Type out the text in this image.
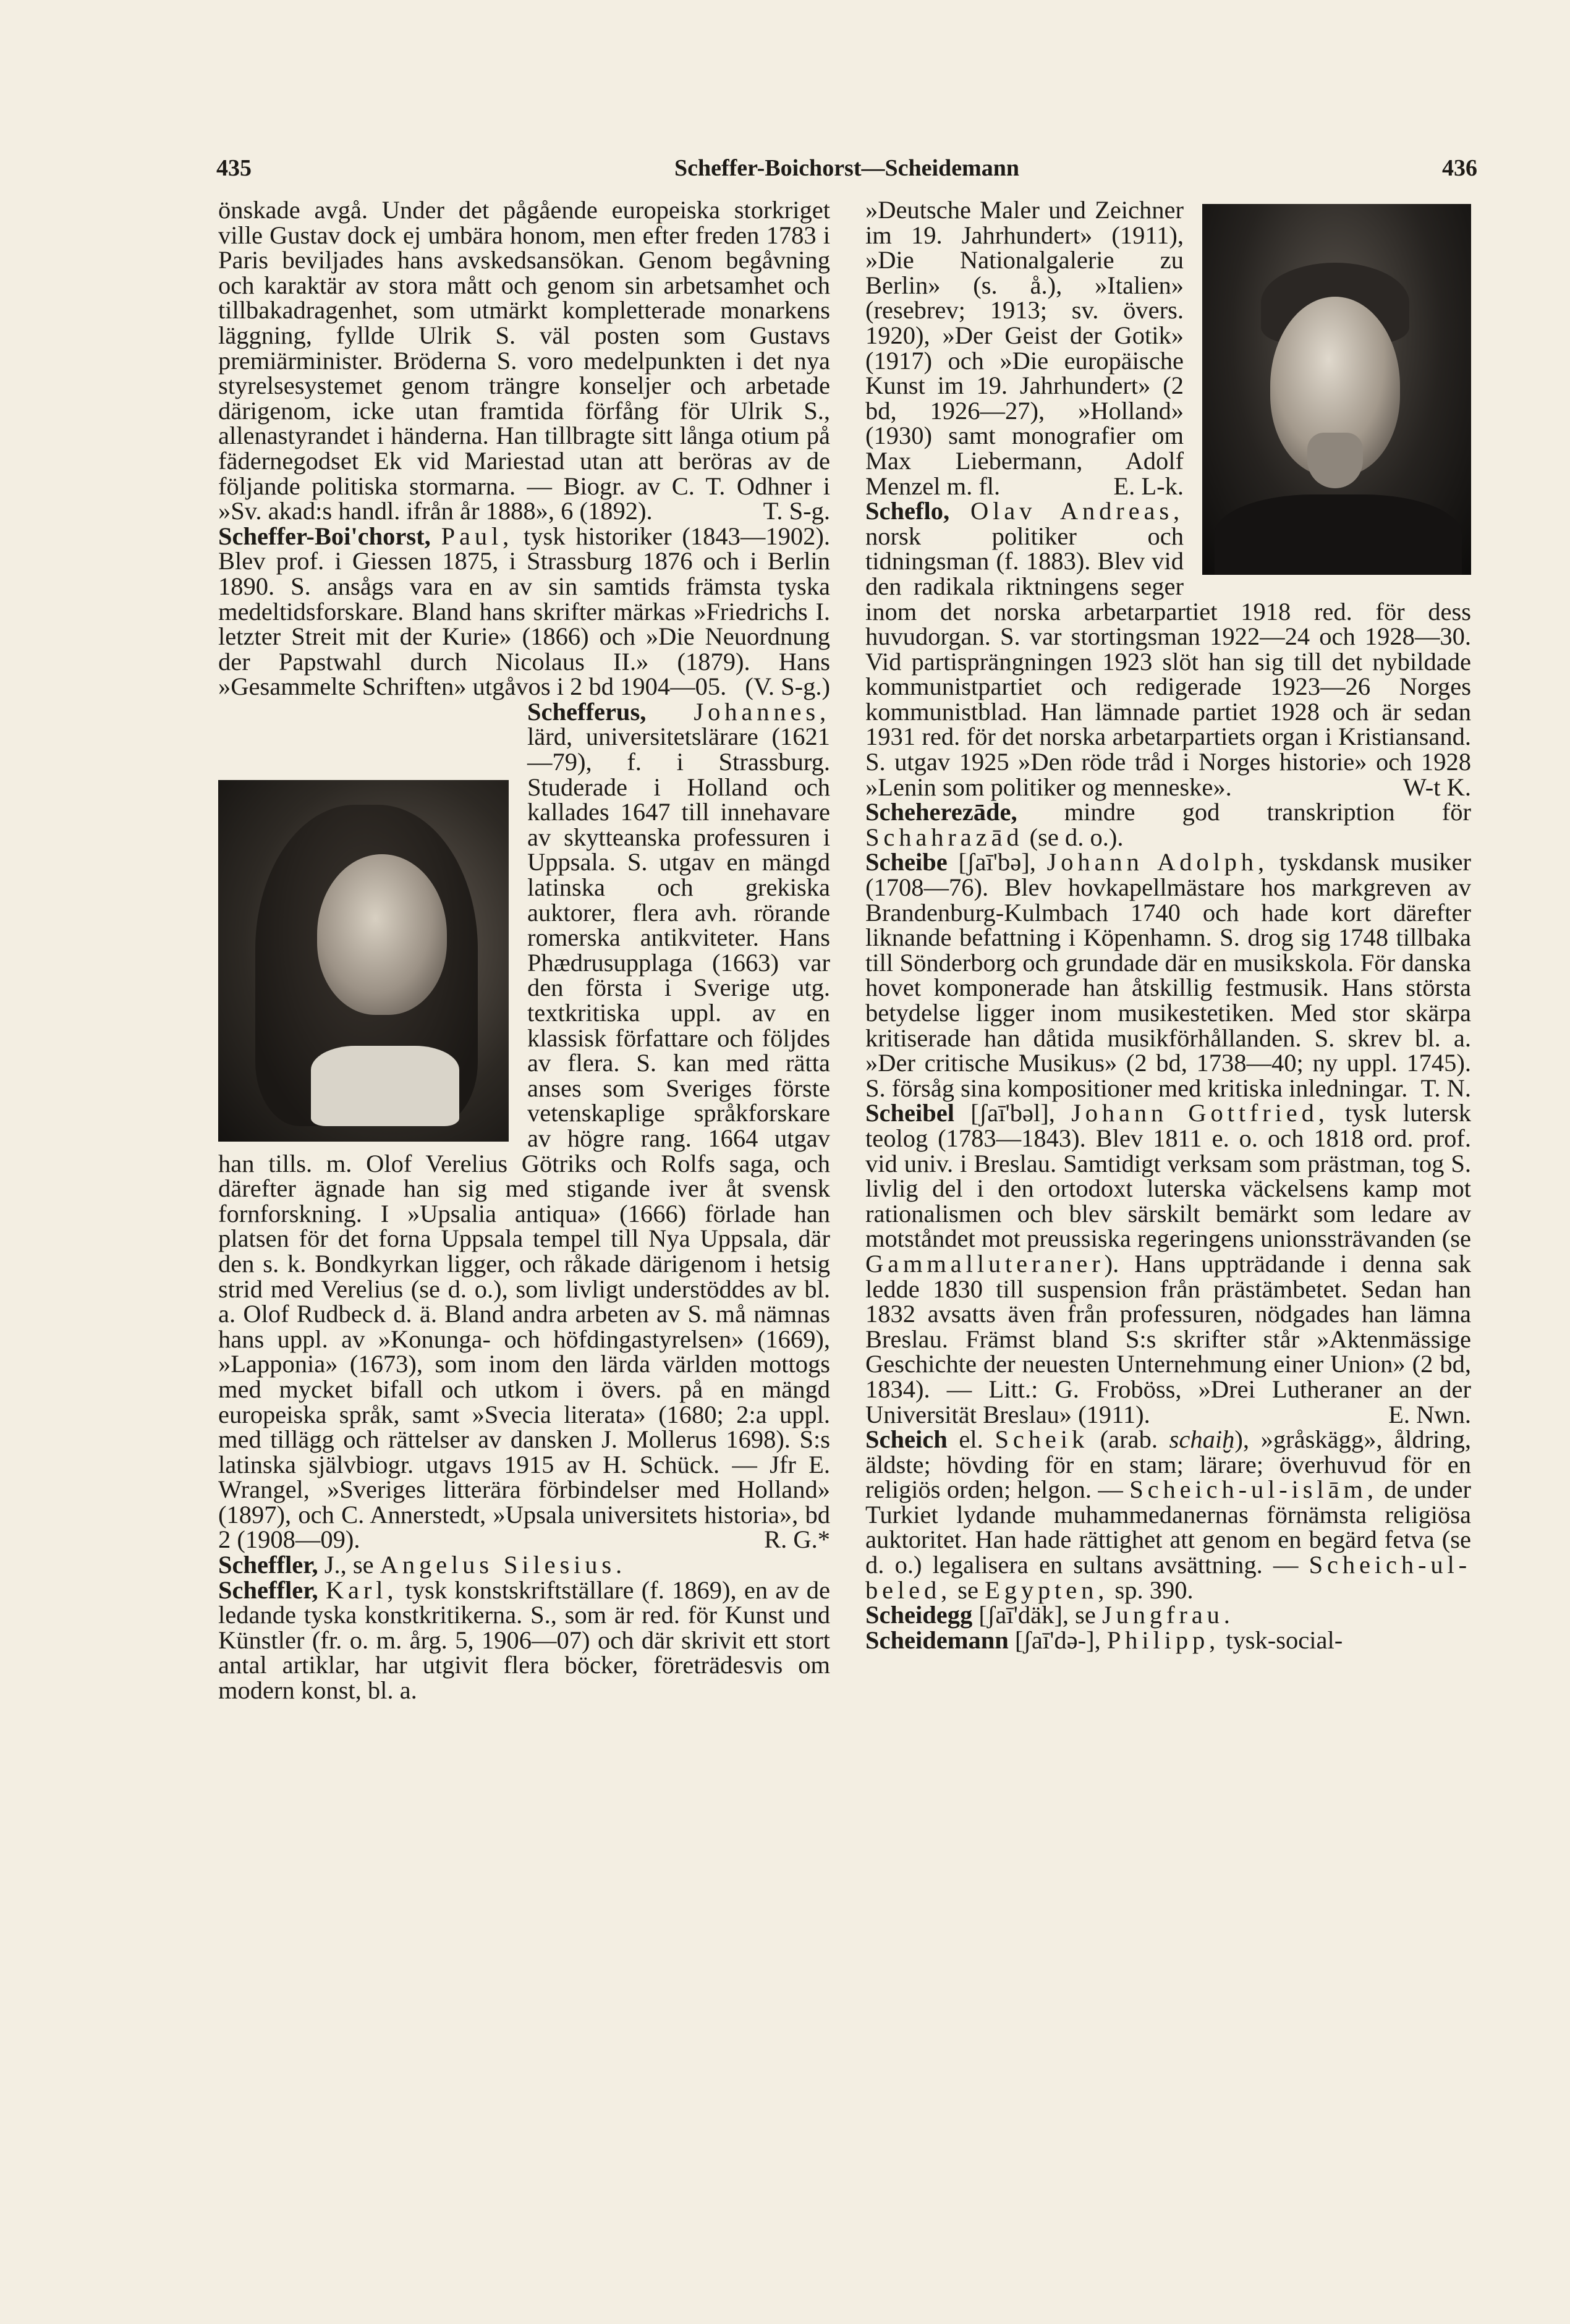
435	Scheffer-Boichorst—Scheidemann	436

önskade avgå. Under det pågående europeiska storkriget ville Gustav dock ej umbära honom, men efter freden 1783 i Paris beviljades hans avskedsansökan. Genom begåvning och karaktär av stora mått och genom sin arbetsamhet och tillbakadragenhet, som utmärkt kompletterade monarkens läggning, fyllde Ulrik S. väl posten som Gustavs premiärminister. Bröderna S. voro medelpunkten i det nya styrelsesystemet genom trängre konseljer och arbetade därigenom, icke utan framtida förfång för Ulrik S., allenastyrandet i händerna. Han tillbragte sitt långa otium på fädernegodset Ek vid Mariestad utan att beröras av de följande politiska stormarna. — Biogr. av C. T. Odhner i »Sv. akad:s handl. ifrån år 1888», 6 (1892).	T. S-g.

Scheffer-Boi'chorst, Paul, tysk historiker (1843—1902). Blev prof. i Giessen 1875, i Strassburg 1876 och i Berlin 1890. S. ansågs vara en av sin samtids främsta tyska medeltidsforskare. Bland hans skrifter märkas »Friedrichs I. letzter Streit mit der Kurie» (1866) och »Die Neuordnung der Papstwahl durch Nicolaus II.» (1879). Hans »Gesammelte Schriften» utgåvos i 2 bd 1904—05. (V. S-g.)

Schefferus, Johannes,
lärd, universitetslärare (1621—79), f. i Strassburg. Studerade i Holland och kallades 1647 till innehavare av skytteanska professuren i Uppsala. S. utgav en mängd latinska och grekiska auktorer, flera avh. rörande romerska antikviteter. Hans Phædrusupplaga (1663) var den första i Sverige utg. textkritiska uppl. av en klassisk författare och följdes av flera. S. kan med rätta anses som Sveriges förste vetenskaplige språkforskare av högre rang. 1664 utgav han tills. m. Olof Verelius Götriks och Rolfs saga, och därefter ägnade han sig med stigande iver åt svensk fornforskning. I »Upsalia antiqua» (1666) förlade han platsen för det forna Uppsala tempel till Nya Uppsala, där den s. k. Bondkyrkan ligger, och råkade därigenom i hetsig strid med Verelius (se d. o.), som livligt understöddes av bl. a. Olof Rudbeck d. ä. Bland andra arbeten av S. må nämnas hans uppl. av »Konunga- och höfdingastyrelsen» (1669), »Lapponia» (1673), som inom den lärda världen mottogs med mycket bifall och utkom i övers. på en mängd europeiska språk, samt »Svecia literata» (1680; 2:a uppl. med tillägg och rättelser av dansken J. Mollerus 1698). S:s latinska självbiogr. utgavs 1915 av H. Schück. — Jfr E. Wrangel, »Sveriges litterära förbindelser med Holland» (1897), och C. Annerstedt, »Upsala universitets historia», bd 2 (1908—09).	R. G.*

Scheffler, J., se Angelus Silesius.

Scheffler, Karl, tysk konstskriftställare (f. 1869), en av de ledande tyska konstkritikerna. S., som är red. för Kunst und Künstler (fr. o. m. årg. 5, 1906—07) och där skrivit ett stort antal artiklar, har utgivit flera böcker, företrädesvis om modern konst, bl. a.

»Deutsche Maler und Zeichner im 19. Jahrhundert» (1911), »Die Nationalgalerie zu Berlin» (s. å.), »Italien» (resebrev; 1913; sv. övers. 1920), »Der Geist der Gotik» (1917) och »Die europäische Kunst im 19. Jahrhundert» (2 bd, 1926—27), »Holland» (1930) samt monografier om Max Liebermann, Adolf Menzel m. fl.	E. L-k.

Scheflo, Olav Andreas, norsk politiker och tidningsman (f. 1883). Blev vid den radikala riktningens seger inom det norska arbetarpartiet 1918 red. för dess huvudorgan. S. var stortingsman 1922—24 och 1928—30. Vid partisprängningen 1923 slöt han sig till det nybildade kommunistpartiet och redigerade 1923—26 Norges kommunistblad. Han lämnade partiet 1928 och är sedan 1931 red. för det norska arbetarpartiets organ i Kristiansand. S. utgav 1925 »Den röde tråd i Norges historie» och 1928 »Lenin som politiker og menneske».	W-t K.

Scheherezāde, mindre god transkription för Schahrazād (se d. o.).

Scheibe [ʃaī'bə], Johann Adolph, tyskdansk musiker (1708—76). Blev hovkapellmästare hos markgreven av Brandenburg-Kulmbach 1740 och hade kort därefter liknande befattning i Köpenhamn. S. drog sig 1748 tillbaka till Sönderborg och grundade där en musikskola. För danska hovet komponerade han åtskillig festmusik. Hans största betydelse ligger inom musikestetiken. Med stor skärpa kritiserade han dåtida musikförhållanden. S. skrev bl. a. »Der critische Musikus» (2 bd, 1738—40; ny uppl. 1745). S. försåg sina kompositioner med kritiska inledningar. T. N.

Scheibel [ʃaī'bəl], Johann Gottfried, tysk lutersk teolog (1783—1843). Blev 1811 e. o. och 1818 ord. prof. vid univ. i Breslau. Samtidigt verksam som prästman, tog S. livlig del i den ortodoxt luterska väckelsens kamp mot rationalismen och blev särskilt bemärkt som ledare av motståndet mot preussiska regeringens unionssträvanden (se Gammalluteraner). Hans uppträdande i denna sak ledde 1830 till suspension från prästämbetet. Sedan han 1832 avsatts även från professuren, nödgades han lämna Breslau. Främst bland S:s skrifter står »Aktenmässige Geschichte der neuesten Unternehmung einer Union» (2 bd, 1834). — Litt.: G. Froböss, »Drei Lutheraner an der Universität Breslau» (1911).	E. Nwn.

Scheich el. Scheik (arab. schaiḫ), »gråskägg», åldring, äldste; hövding för en stam; lärare; överhuvud för en religiös orden; helgon. — Scheich-ul-islām, de under Turkiet lydande muhammedanernas förnämsta religiösa auktoritet. Han hade rättighet att genom en begärd fetva (se d. o.) legalisera en sultans avsättning. — Scheich-ul-beled, se Egypten, sp. 390.

Scheidegg [ʃaī'däk], se Jungfrau.

Scheidemann [ʃaī'də-], Philipp, tysk-social-
